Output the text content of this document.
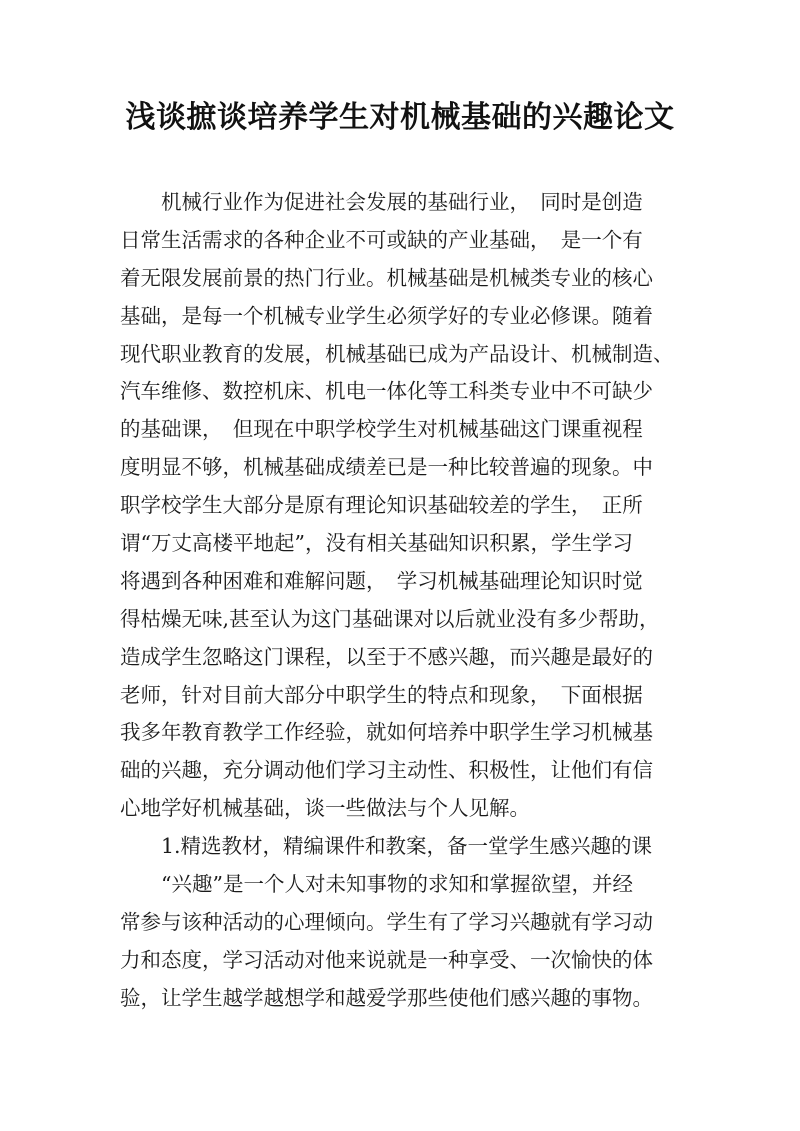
浅谈摭谈培养学生对机械基础的兴趣论文
　　机械行业作为促进社会发展的基础行业，　同时是创造
日常生活需求的各种企业不可或缺的产业基础，　是一个有
着无限发展前景的热门行业。机械基础是机械类专业的核心
基础，是每一个机械专业学生必须学好的专业必修课。随着
现代职业教育的发展，机械基础已成为产品设计、机械制造、
汽车维修、数控机床、机电一体化等工科类专业中不可缺少
的基础课，　但现在中职学校学生对机械基础这门课重视程
度明显不够，机械基础成绩差已是一种比较普遍的现象。中
职学校学生大部分是原有理论知识基础较差的学生，　正所
谓“万丈高楼平地起”，没有相关基础知识积累，学生学习
将遇到各种困难和难解问题，　学习机械基础理论知识时觉
得枯燥无味,甚至认为这门基础课对以后就业没有多少帮助，
造成学生忽略这门课程，以至于不感兴趣，而兴趣是最好的
老师，针对目前大部分中职学生的特点和现象，　下面根据
我多年教育教学工作经验，就如何培养中职学生学习机械基
础的兴趣，充分调动他们学习主动性、积极性，让他们有信
心地学好机械基础，谈一些做法与个人见解。
　　1.精选教材，精编课件和教案，备一堂学生感兴趣的课
　　“兴趣”是一个人对未知事物的求知和掌握欲望，并经
常参与该种活动的心理倾向。学生有了学习兴趣就有学习动
力和态度，学习活动对他来说就是一种享受、一次愉快的体
验，让学生越学越想学和越爱学那些使他们感兴趣的事物。
